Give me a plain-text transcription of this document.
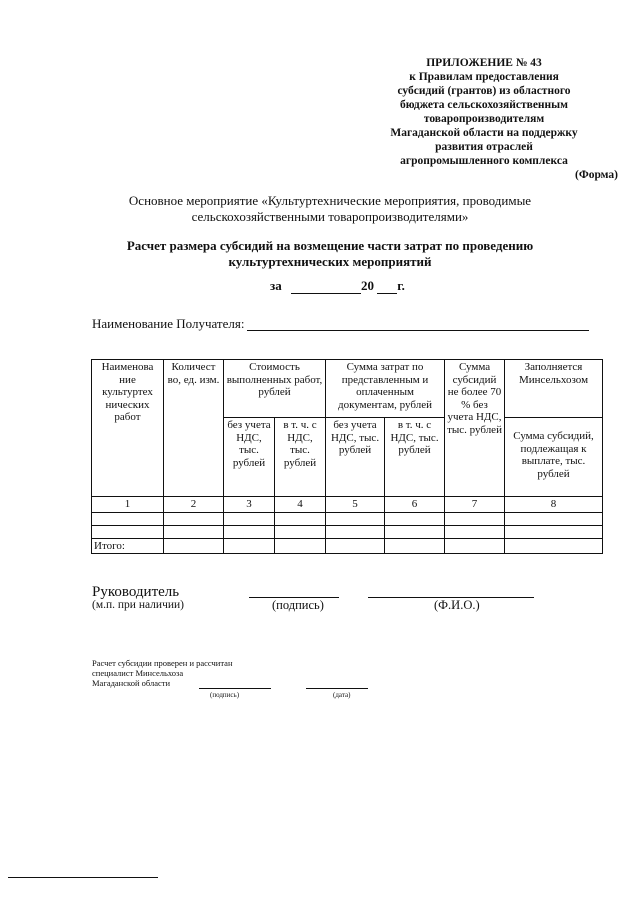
ПРИЛОЖЕНИЕ № 43
к Правилам предоставления
субсидий (грантов) из областного
бюджета сельскохозяйственным
товаропроизводителям
Магаданской области на поддержку
развития отраслей
агропромышленного комплекса
(Форма)
Основное мероприятие «Культуртехнические мероприятия, проводимые
сельскохозяйственными товаропроизводителями»
Расчет размера субсидий на возмещение части затрат по проведению
культуртехнических мероприятий
за	20 г.
Наименование Получателя:
Наименова ние культуртех нических работ	Количест во, ед. изм.	Стоимость выполненных работ, рублей		Сумма затрат по представленным и оплаченным документам, рублей		Сумма субсидий не более 70 % без учета НДС, тыс. рублей	Заполняется Минсельхозом
		без учета НДС, тыс. рублей	в т. ч. с НДС, тыс. рублей	без учета НДС, тыс. рублей	в т. ч. с НДС, тыс. рублей		Сумма субсидий, подлежащая к выплате, тыс. рублей
1	2	3	4	5	6	7	8

Итого:							
Руководитель
(м.п. при наличии)	(подпись)	(Ф.И.О.)
Расчет субсидии проверен и рассчитан
специалист Минсельхоза
Магаданской области
(подпись)	(дата)
